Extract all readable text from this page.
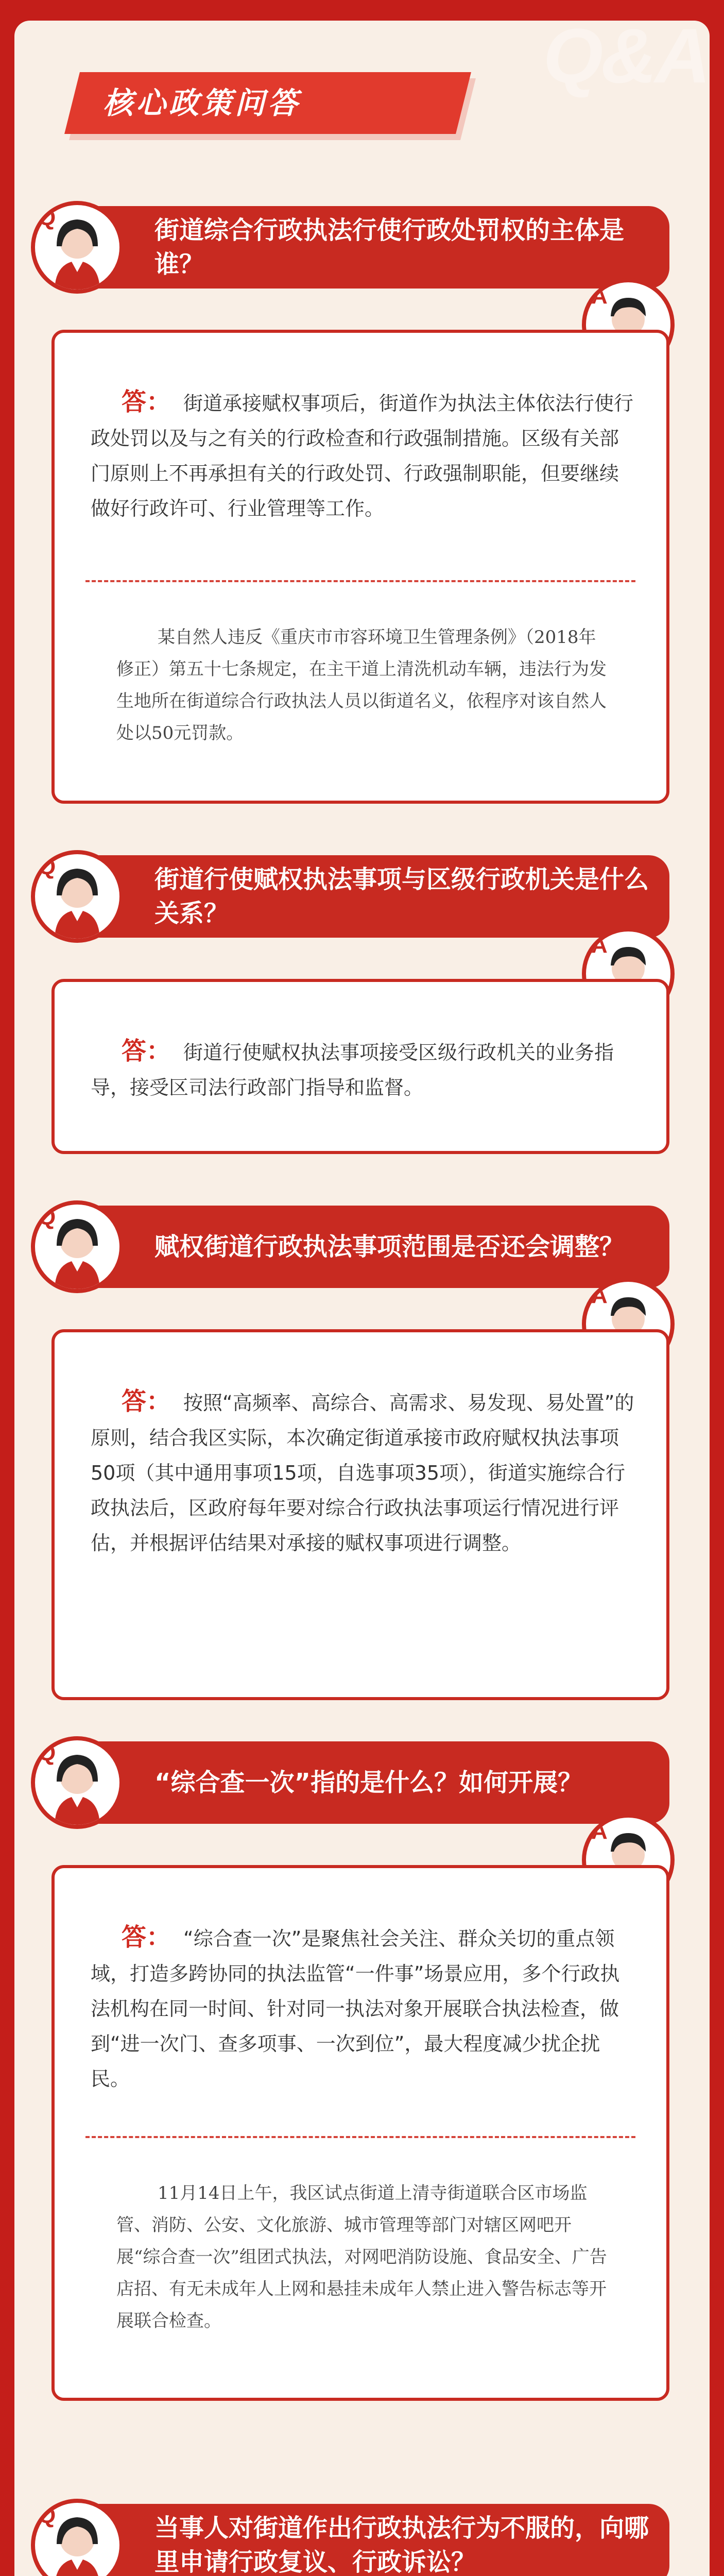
Q&A
核心政策问答
街道综合行政执法行使行政处罚权的主体是谁？
Q
A
答： 街道承接赋权事项后，街道作为执法主体依法行使行政处罚以及与之有关的行政检查和行政强制措施。区级有关部门原则上不再承担有关的行政处罚、行政强制职能，但要继续做好行政许可、行业管理等工作。
某自然人违反《重庆市市容环境卫生管理条例》（2018年修正）第五十七条规定，在主干道上清洗机动车辆，违法行为发生地所在街道综合行政执法人员以街道名义，依程序对该自然人处以50元罚款。
街道行使赋权执法事项与区级行政机关是什么关系？
Q
A
答： 街道行使赋权执法事项接受区级行政机关的业务指导，接受区司法行政部门指导和监督。
赋权街道行政执法事项范围是否还会调整？
Q
A
答： 按照“高频率、高综合、高需求、易发现、易处置”的原则，结合我区实际，本次确定街道承接市政府赋权执法事项50项（其中通用事项15项，自选事项35项），街道实施综合行政执法后，区政府每年要对综合行政执法事项运行情况进行评估，并根据评估结果对承接的赋权事项进行调整。
“综合查一次”指的是什么？如何开展？
Q
A
答： “综合查一次”是聚焦社会关注、群众关切的重点领域，打造多跨协同的执法监管“一件事”场景应用，多个行政执法机构在同一时间、针对同一执法对象开展联合执法检查，做到“进一次门、查多项事、一次到位”，最大程度减少扰企扰民。
11月14日上午，我区试点街道上清寺街道联合区市场监管、消防、公安、文化旅游、城市管理等部门对辖区网吧开展“综合查一次”组团式执法，对网吧消防设施、食品安全、广告店招、有无未成年人上网和悬挂未成年人禁止进入警告标志等开展联合检查。
当事人对街道作出行政执法行为不服的，向哪里申请行政复议、行政诉讼？
Q
